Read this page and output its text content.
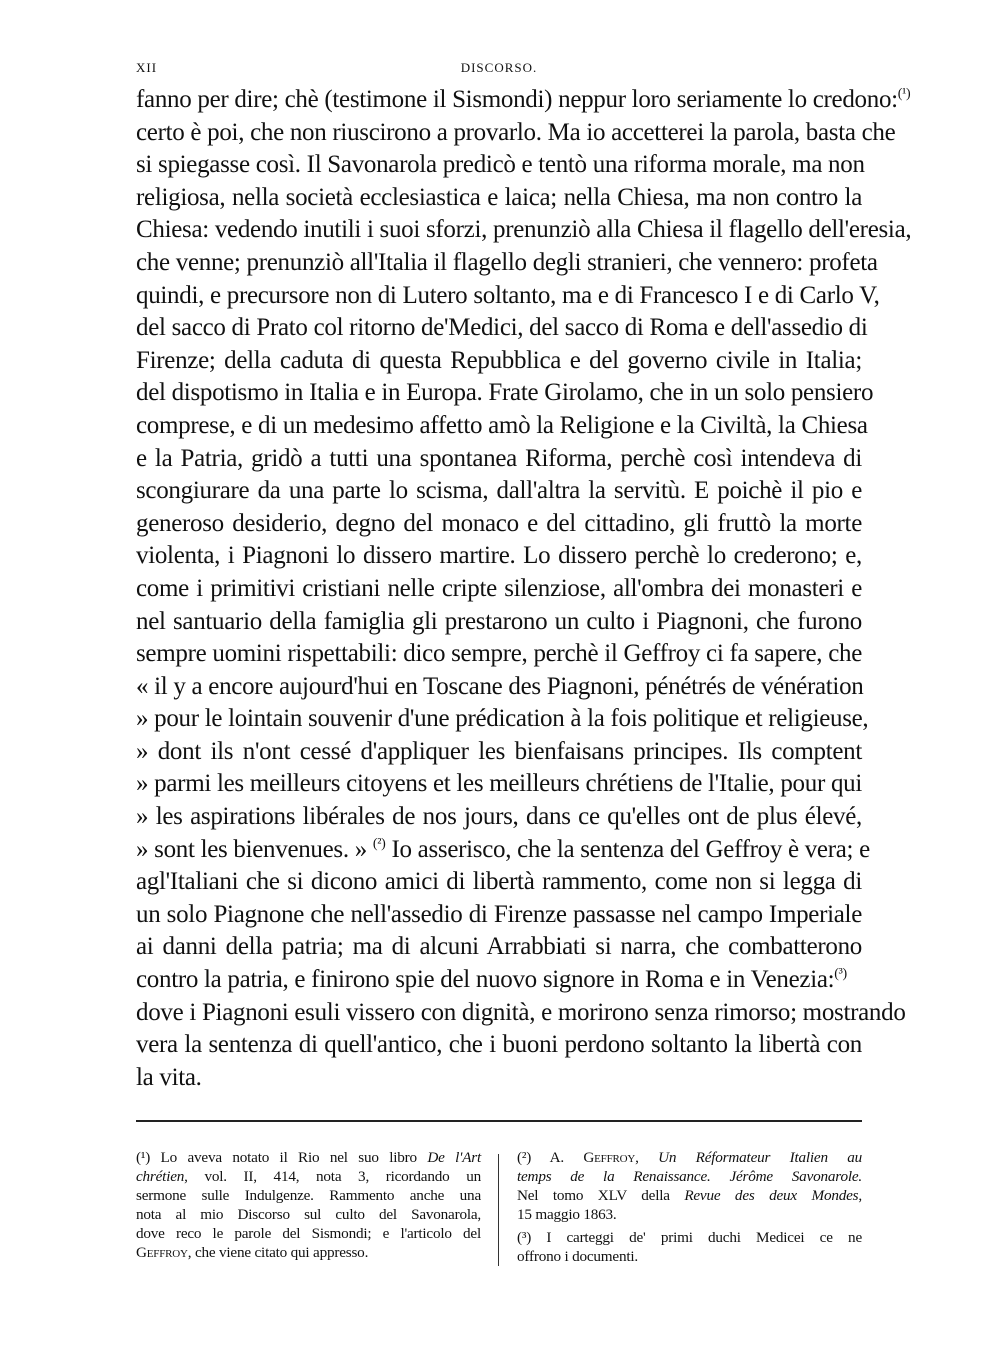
XII	DISCORSO.
fanno per dire; chè (testimone il Sismondi) neppur loro seriamente lo credono:$^{(^1)}$
certo è poi, che non riuscirono a provarlo. Ma io accetterei la parola, basta che
si spiegasse così. Il Savonarola predicò e tentò una riforma morale, ma non
religiosa, nella società ecclesiastica e laica; nella Chiesa, ma non contro la
Chiesa: vedendo inutili i suoi sforzi, prenunziò alla Chiesa il flagello dell'eresia,
che venne; prenunziò all'Italia il flagello degli stranieri, che vennero: profeta
quindi, e precursore non di Lutero soltanto, ma e di Francesco I e di Carlo V,
del sacco di Prato col ritorno de'Medici, del sacco di Roma e dell'assedio di
Firenze; della caduta di questa Repubblica e del governo civile in Italia;
del dispotismo in Italia e in Europa. Frate Girolamo, che in un solo pensiero
comprese, e di un medesimo affetto amò la Religione e la Civiltà, la Chiesa
e la Patria, gridò a tutti una spontanea Riforma, perchè così intendeva di
scongiurare da una parte lo scisma, dall'altra la servitù. E poichè il pio e
generoso desiderio, degno del monaco e del cittadino, gli fruttò la morte
violenta, i Piagnoni lo dissero martire. Lo dissero perchè lo crederono; e,
come i primitivi cristiani nelle cripte silenziose, all'ombra dei monasteri e
nel santuario della famiglia gli prestarono un culto i Piagnoni, che furono
sempre uomini rispettabili: dico sempre, perchè il Geffroy ci fa sapere, che
« il y a encore aujourd'hui en Toscane des Piagnoni, pénétrés de vénération
» pour le lointain souvenir d'une prédication à la fois politique et religieuse,
» dont ils n'ont cessé d'appliquer les bienfaisans principes. Ils comptent
» parmi les meilleurs citoyens et les meilleurs chrétiens de l'Italie, pour qui
» les aspirations libérales de nos jours, dans ce qu'elles ont de plus élevé,
» sont les bienvenues. » $^{(^2)}$ Io asserisco, che la sentenza del Geffroy è vera; e
agl'Italiani che si dicono amici di libertà rammento, come non si legga di
un solo Piagnone che nell'assedio di Firenze passasse nel campo Imperiale
ai danni della patria; ma di alcuni Arrabbiati si narra, che combatterono
contro la patria, e finirono spie del nuovo signore in Roma e in Venezia:$^{(^3)}$
dove i Piagnoni esuli vissero con dignità, e morirono senza rimorso; mostrando
vera la sentenza di quell'antico, che i buoni perdono soltanto la libertà con
la vita.
(¹) Lo aveva notato il Rio nel suo libro De l'Art
chrétien, vol. II, 414, nota 3, ricordando un
sermone sulle Indulgenze. Rammento anche una
nota al mio Discorso sul culto del Savonarola,
dove reco le parole del Sismondi; e l'articolo del
Geffroy, che viene citato qui appresso.
(²) A. Geffroy, Un Réformateur Italien au
temps de la Renaissance. Jérôme Savonarole.
Nel tomo XLV della Revue des deux Mondes,
15 maggio 1863.
(³) I carteggi de' primi duchi Medicei ce ne
offrono i documenti.
